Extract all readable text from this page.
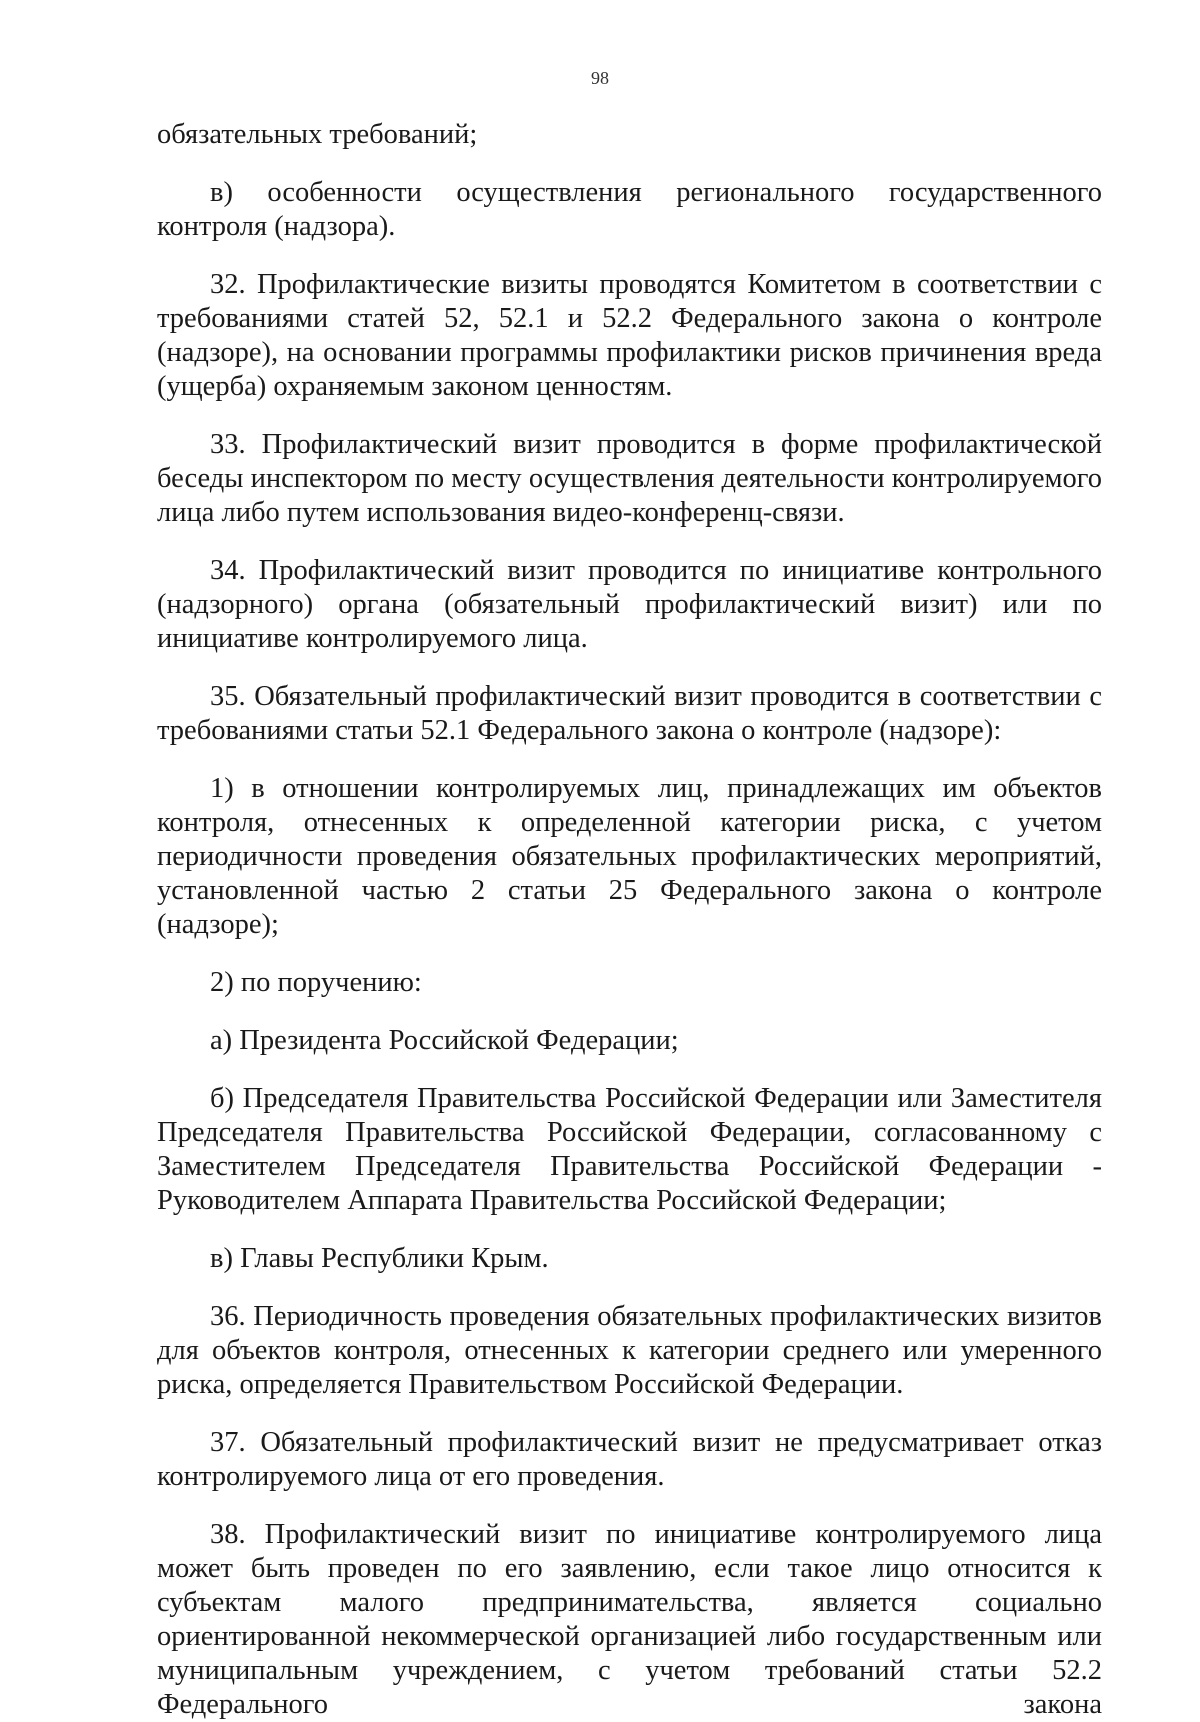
98

обязательных требований;

в) особенности осуществления регионального государственного контроля (надзора).

32. Профилактические визиты проводятся Комитетом в соответствии с требованиями статей 52, 52.1 и 52.2 Федерального закона о контроле (надзоре), на основании программы профилактики рисков причинения вреда (ущерба) охраняемым законом ценностям.

33. Профилактический визит проводится в форме профилактической беседы инспектором по месту осуществления деятельности контролируемого лица либо путем использования видео-конференц-связи.

34. Профилактический визит проводится по инициативе контрольного (надзорного) органа (обязательный профилактический визит) или по инициативе контролируемого лица.

35. Обязательный профилактический визит проводится в соответствии с требованиями статьи 52.1 Федерального закона о контроле (надзоре):

1) в отношении контролируемых лиц, принадлежащих им объектов контроля, отнесенных к определенной категории риска, с учетом периодичности проведения обязательных профилактических мероприятий, установленной частью 2 статьи 25 Федерального закона о контроле (надзоре);

2) по поручению:

а) Президента Российской Федерации;

б) Председателя Правительства Российской Федерации или Заместителя Председателя Правительства Российской Федерации, согласованному с Заместителем Председателя Правительства Российской Федерации - Руководителем Аппарата Правительства Российской Федерации;

в) Главы Республики Крым.

36. Периодичность проведения обязательных профилактических визитов для объектов контроля, отнесенных к категории среднего или умеренного риска, определяется Правительством Российской Федерации.

37. Обязательный профилактический визит не предусматривает отказ контролируемого лица от его проведения.

38. Профилактический визит по инициативе контролируемого лица может быть проведен по его заявлению, если такое лицо относится к субъектам малого предпринимательства, является социально ориентированной некоммерческой организацией либо государственным или муниципальным учреждением, с учетом требований статьи 52.2 Федерального закона
